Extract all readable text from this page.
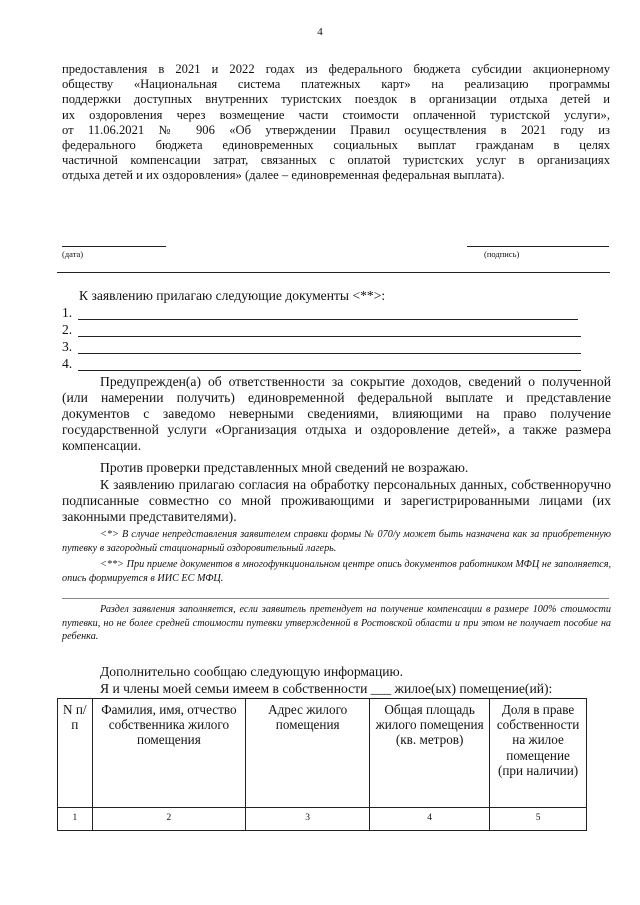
4
предоставления в 2021 и 2022 годах из федерального бюджета субсидии акционерному
обществу «Национальная система платежных карт» на реализацию программы
поддержки доступных внутренних туристских поездок в организации отдыха детей и
их оздоровления через возмещение части стоимости оплаченной туристской услуги»,
от 11.06.2021 № 906 «Об утверждении Правил осуществления в 2021 году из
федерального бюджета единовременных социальных выплат гражданам в целях
частичной компенсации затрат, связанных с оплатой туристских услуг в организациях
отдыха детей и их оздоровления» (далее – единовременная федеральная выплата).
(дата)	(подпись)
К заявлению прилагаю следующие документы <**>:
1.
2.
3.
4.
Предупрежден(а) об ответственности за сокрытие доходов, сведений о полученной (или намерении получить) единовременной федеральной выплате и представление документов с заведомо неверными сведениями, влияющими на право получение государственной услуги «Организация отдыха и оздоровление детей», а также размера компенсации.
Против проверки представленных мной сведений не возражаю.
К заявлению прилагаю согласия на обработку персональных данных, собственноручно подписанные совместно со мной проживающими и зарегистрированными лицами (их законными представителями).
<*> В случае непредставления заявителем справки формы № 070/у может быть назначена как за приобретенную путевку в загородный стационарный оздоровительный лагерь.
<**> При приеме документов в многофункциональном центре опись документов работником МФЦ не заполняется, опись формируется в ИИС ЕС МФЦ.
Раздел заявления заполняется, если заявитель претендует на получение компенсации в размере 100% стоимости путевки, но не более средней стоимости путевки утвержденной в Ростовской области и при этом не получает пособие на ребенка.
Дополнительно сообщаю следующую информацию.
Я и члены моей семьи имеем в собственности ___ жилое(ых) помещение(ий):
N п/п	Фамилия, имя, отчество собственника жилого помещения	Адрес жилого помещения	Общая площадь жилого помещения (кв. метров)	Доля в праве собственности на жилое помещение (при наличии)
1	2	3	4	5
